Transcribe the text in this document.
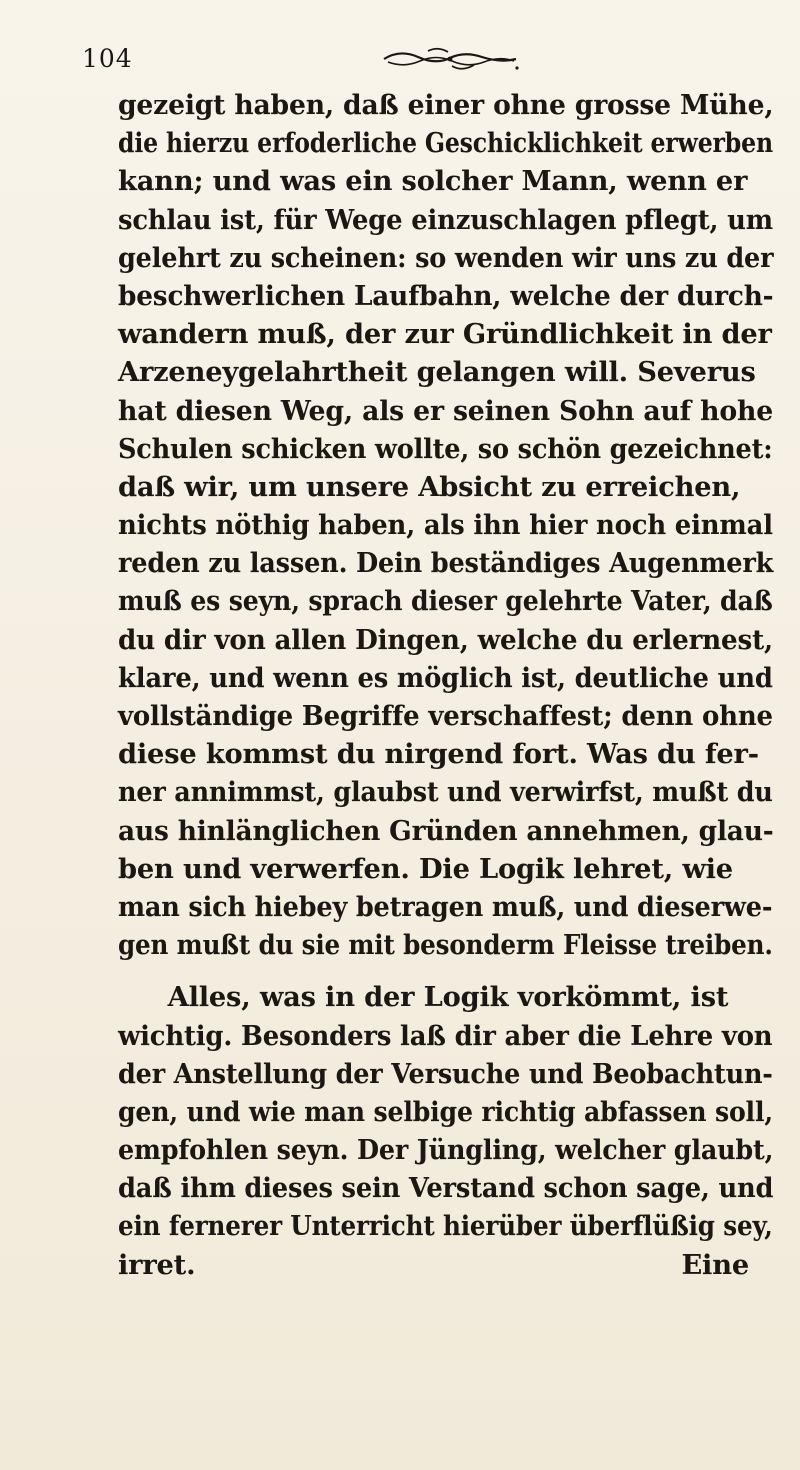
104
gezeigt haben, daß einer ohne grosse Mühe,
die hierzu erfoderliche Geschicklichkeit erwerben
kann; und was ein solcher Mann, wenn er
schlau ist, für Wege einzuschlagen pflegt, um
gelehrt zu scheinen: so wenden wir uns zu der
beschwerlichen Laufbahn, welche der durch-
wandern muß, der zur Gründlichkeit in der
Arzeneygelahrtheit gelangen will. Severus
hat diesen Weg, als er seinen Sohn auf hohe
Schulen schicken wollte, so schön gezeichnet:
daß wir, um unsere Absicht zu erreichen,
nichts nöthig haben, als ihn hier noch einmal
reden zu lassen. Dein beständiges Augenmerk
muß es seyn, sprach dieser gelehrte Vater, daß
du dir von allen Dingen, welche du erlernest,
klare, und wenn es möglich ist, deutliche und
vollständige Begriffe verschaffest; denn ohne
diese kommst du nirgend fort. Was du fer-
ner annimmst, glaubst und verwirfst, mußt du
aus hinlänglichen Gründen annehmen, glau-
ben und verwerfen. Die Logik lehret, wie
man sich hiebey betragen muß, und dieserwe-
gen mußt du sie mit besonderm Fleisse treiben.
Alles, was in der Logik vorkömmt, ist
wichtig. Besonders laß dir aber die Lehre von
der Anstellung der Versuche und Beobachtun-
gen, und wie man selbige richtig abfassen soll,
empfohlen seyn. Der Jüngling, welcher glaubt,
daß ihm dieses sein Verstand schon sage, und
ein fernerer Unterricht hierüber überflüßig sey,
irret.	Eine
